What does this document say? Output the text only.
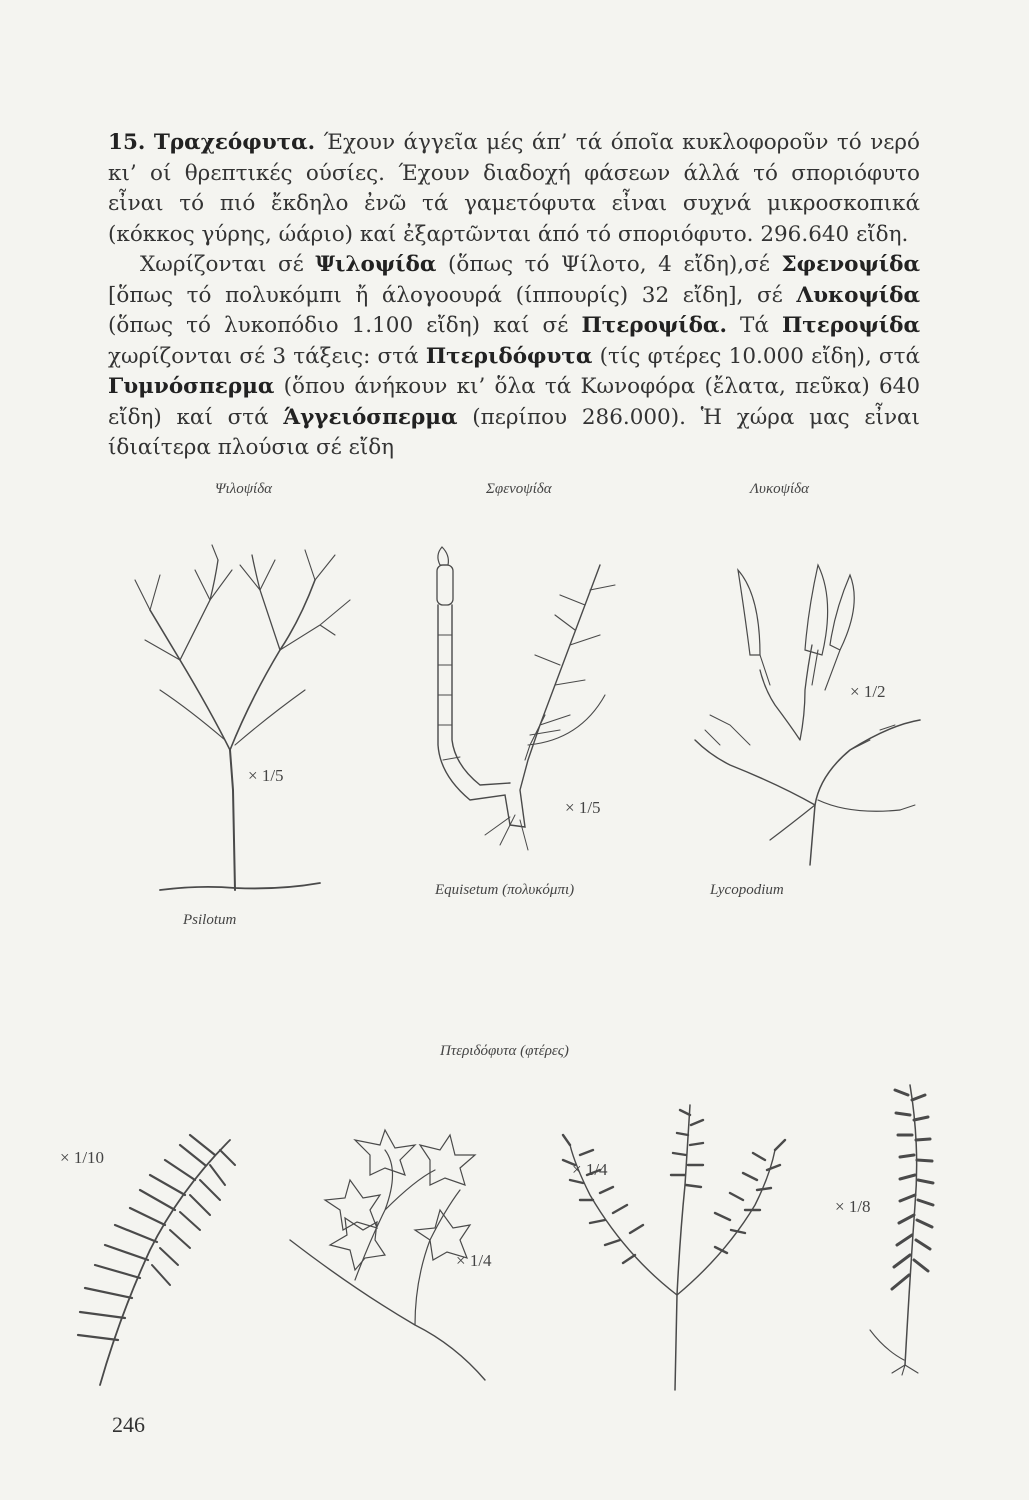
15. Τραχεόφυτα. Έχουν άγγεῖα μές άπ’ τά όποῖα κυκλοφοροῦν τό νερό κι’ οί θρεπτικές ούσίες. Έχουν διαδοχή φάσεων άλλά τό σποριόφυτο εἶναι τό πιό ἔκδηλο ἐνῶ τά γαμετόφυτα εἶναι συχνά μικροσκοπικά (κόκκος γύρης, ώάριο) καί ἐξαρτῶνται άπό τό σποριόφυτο. 296.640 εἴδη.

Χωρίζονται σέ Ψιλοψίδα (ὅπως τό Ψίλοτο, 4 εἴδη),σέ Σφενοψίδα [ὅπως τό πολυκόμπι ἤ άλογοουρά (ίππουρίς) 32 εἴδη], σέ Λυκοψίδα (ὅπως τό λυκοπόδιο 1.100 εἴδη) καί σέ Πτεροψίδα. Τά Πτεροψίδα χωρίζονται σέ 3 τάξεις: στά Πτεριδόφυτα (τίς φτέρες 10.000 εἴδη), στά Γυμνόσπερμα (ὅπου άνήκουν κι’ ὅλα τά Κωνοφόρα (ἔλατα, πεῦκα) 640 εἴδη) καί στά Άγγειόσπερμα (περίπου 286.000). Ἡ χώρα μας εἶναι ίδιαίτερα πλούσια σέ εἴδη

Ψιλοψίδα	Σφενοψίδα	Λυκοψίδα
× 1/5
Psilotum
× 1/5
Equisetum (πολυκόμπι)
× 1/2
Lycopodium
Πτεριδόφυτα (φτέρες)
× 1/10
× 1/4
× 1/4
× 1/8
246
